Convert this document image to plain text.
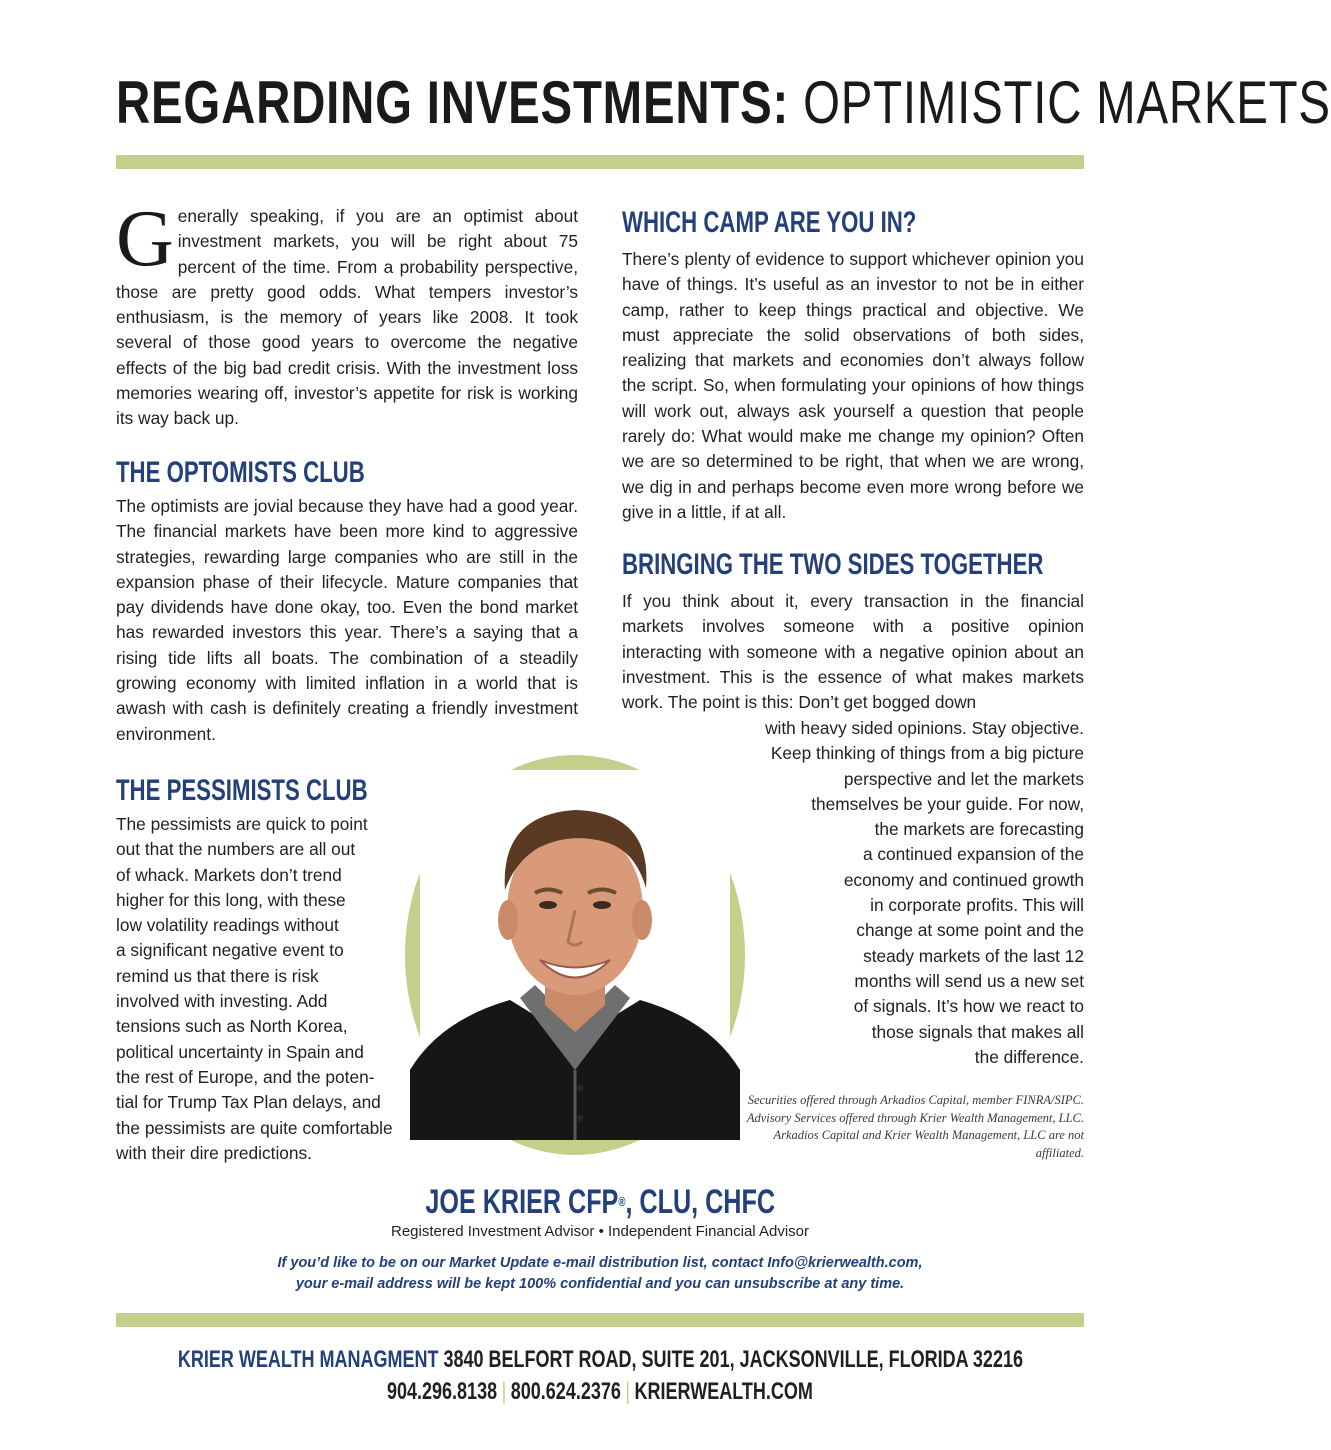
REGARDING INVESTMENTS: OPTIMISTIC MARKETS

Generally speaking, if you are an optimist about investment markets, you will be right about 75 percent of the time. From a probability perspective, those are pretty good odds. What tempers investor’s enthusiasm, is the memory of years like 2008. It took several of those good years to overcome the negative effects of the big bad credit crisis. With the investment loss memories wearing off, investor’s appetite for risk is working its way back up.

THE OPTOMISTS CLUB

The optimists are jovial because they have had a good year. The financial markets have been more kind to aggressive strategies, rewarding large companies who are still in the expansion phase of their lifecycle. Mature companies that pay dividends have done okay, too. Even the bond market has rewarded investors this year. There’s a saying that a rising tide lifts all boats. The combination of a steadily growing economy with limited inflation in a world that is awash with cash is definitely creating a friendly investment environment.

THE PESSIMISTS CLUB
The pessimists are quick to point
out that the numbers are all out
of whack. Markets don’t trend
higher for this long, with these
low volatility readings without
a significant negative event to
remind us that there is risk
involved with investing. Add
tensions such as North Korea,
political uncertainty in Spain and
the rest of Europe, and the poten-
tial for Trump Tax Plan delays, and
the pessimists are quite comfortable
with their dire predictions.
WHICH CAMP ARE YOU IN?

There’s plenty of evidence to support whichever opinion you have of things. It’s useful as an investor to not be in either camp, rather to keep things practical and objective. We must appreciate the solid observations of both sides, realizing that markets and economies don’t always follow the script. So, when formulating your opinions of how things will work out, always ask yourself a question that people rarely do: What would make me change my opinion? Often we are so determined to be right, that when we are wrong, we dig in and perhaps become even more wrong before we give in a little, if at all.

BRINGING THE TWO SIDES TOGETHER

If you think about it, every transaction in the financial markets involves someone with a positive opinion interacting with someone with a negative opinion about an investment. This is the essence of what makes markets work. The point is this: Don’t get bogged down

with heavy sided opinions. Stay objective.
Keep thinking of things from a big picture
perspective and let the markets
themselves be your guide. For now,
the markets are forecasting
a continued expansion of the
economy and continued growth
in corporate profits. This will
change at some point and the
steady markets of the last 12
months will send us a new set
of signals. It’s how we react to
those signals that makes all
the difference.
Securities offered through Arkadios Capital, member FINRA/SIPC. Advisory Services offered through Krier Wealth Management, LLC. Arkadios Capital and Krier Wealth Management, LLC are not affiliated.
JOE KRIER CFP®, CLU, CHFC
Registered Investment Advisor • Independent Financial Advisor
If you’d like to be on our Market Update e-mail distribution list, contact Info@krierwealth.com,
your e-mail address will be kept 100% confidential and you can unsubscribe at any time.
KRIER WEALTH MANAGMENT 3840 BELFORT ROAD, SUITE 201, JACKSONVILLE, FLORIDA 32216
904.296.8138 | 800.624.2376 | KRIERWEALTH.COM
